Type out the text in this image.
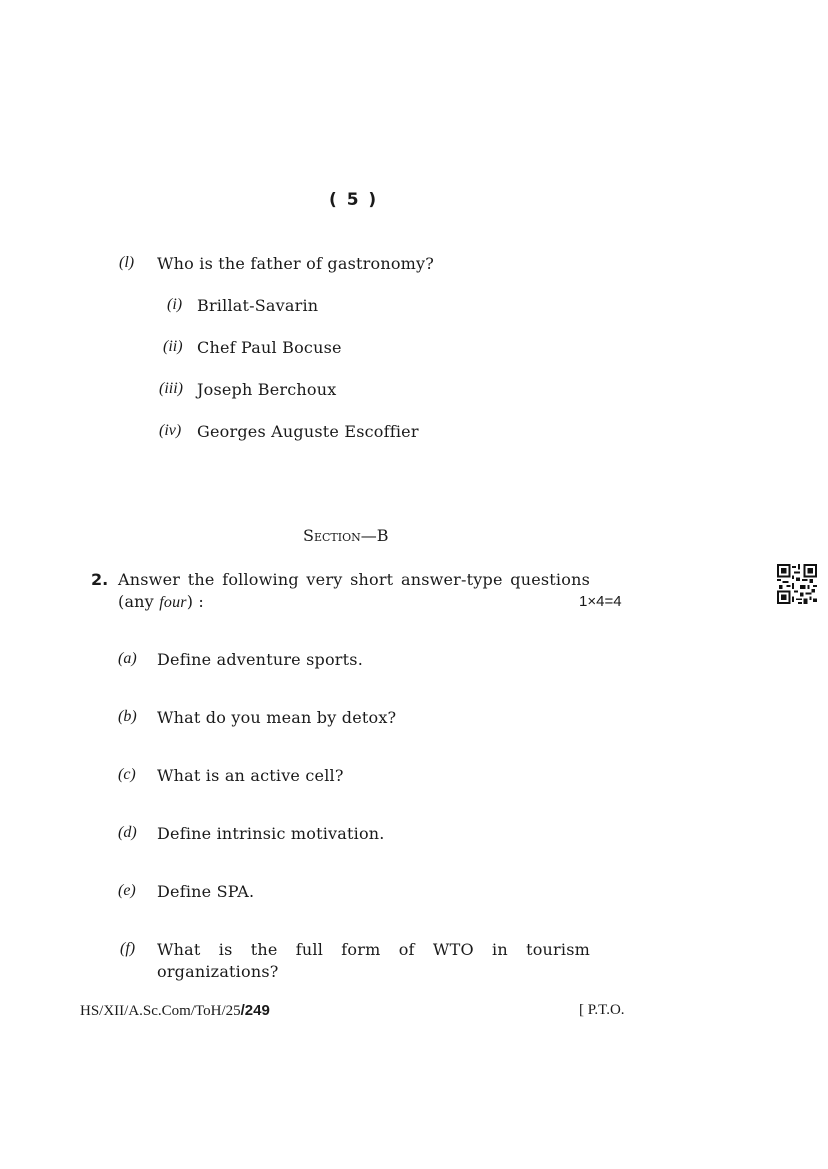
( 5 )
(l) Who is the father of gastronomy?
(i) Brillat-Savarin
(ii) Chef Paul Bocuse
(iii) Joseph Berchoux
(iv) Georges Auguste Escoffier
Section—B
2. Answer the following very short answer-type questions
(any four) :	1×4=4
(a) Define adventure sports.
(b) What do you mean by detox?
(c) What is an active cell?
(d) Define intrinsic motivation.
(e) Define SPA.
(f) What is the full form of WTO in tourism
organizations?
HS/XII/A.Sc.Com/ToH/25/249	[ P.T.O.
